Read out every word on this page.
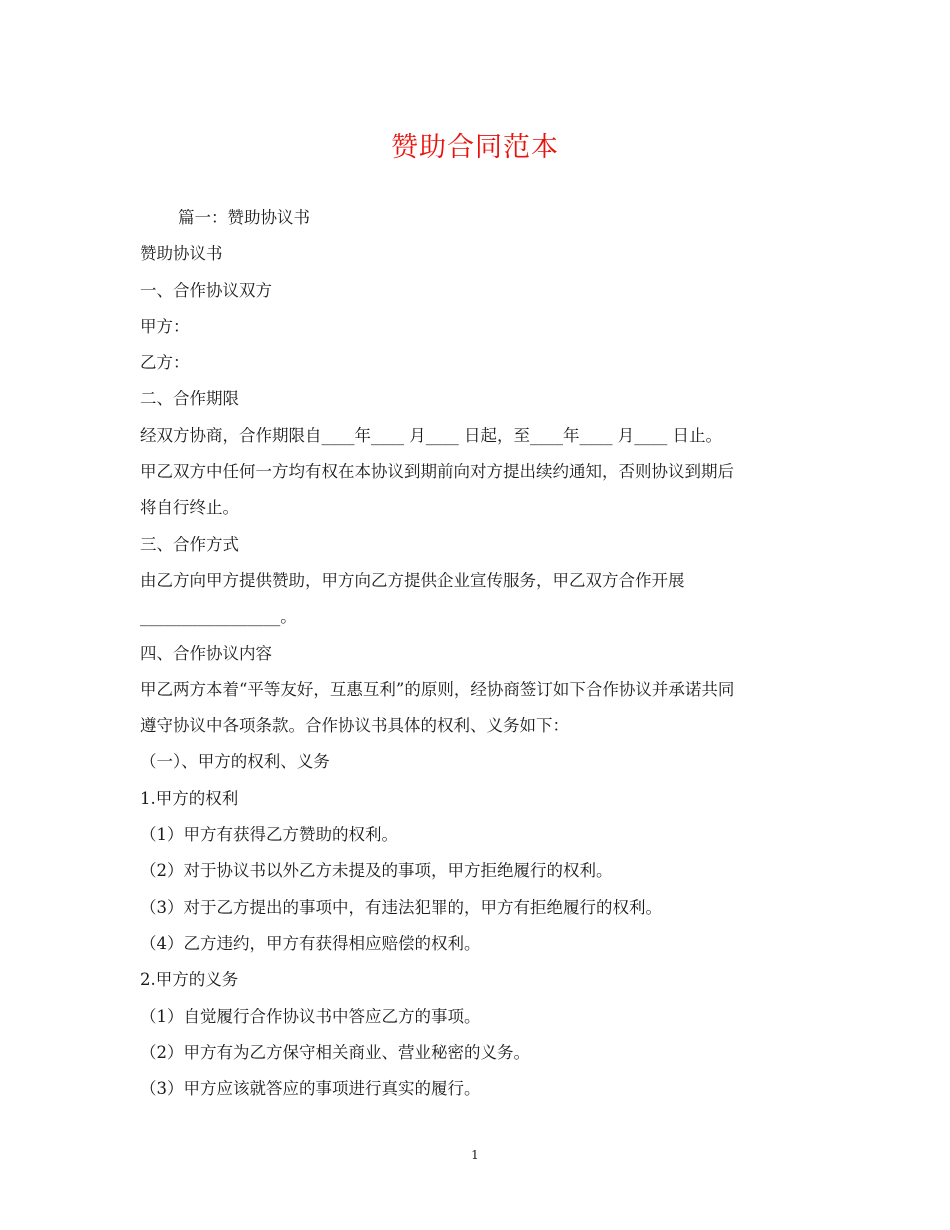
赞助合同范本
篇一：赞助协议书
赞助协议书
一、合作协议双方
甲方：
乙方：
二、合作期限
经双方协商，合作期限自____年____ 月____ 日起，至____年____ 月____ 日止。
甲乙双方中任何一方均有权在本协议到期前向对方提出续约通知，否则协议到期后
将自行终止。
三、合作方式
由乙方向甲方提供赞助，甲方向乙方提供企业宣传服务，甲乙双方合作开展
_________________。
四、合作协议内容
甲乙两方本着“平等友好，互惠互利”的原则，经协商签订如下合作协议并承诺共同
遵守协议中各项条款。合作协议书具体的权利、义务如下：
（一）、甲方的权利、义务
1.甲方的权利
（1）甲方有获得乙方赞助的权利。
（2）对于协议书以外乙方未提及的事项，甲方拒绝履行的权利。
（3）对于乙方提出的事项中，有违法犯罪的，甲方有拒绝履行的权利。
（4）乙方违约，甲方有获得相应赔偿的权利。
2.甲方的义务
（1）自觉履行合作协议书中答应乙方的事项。
（2）甲方有为乙方保守相关商业、营业秘密的义务。
（3）甲方应该就答应的事项进行真实的履行。
1
